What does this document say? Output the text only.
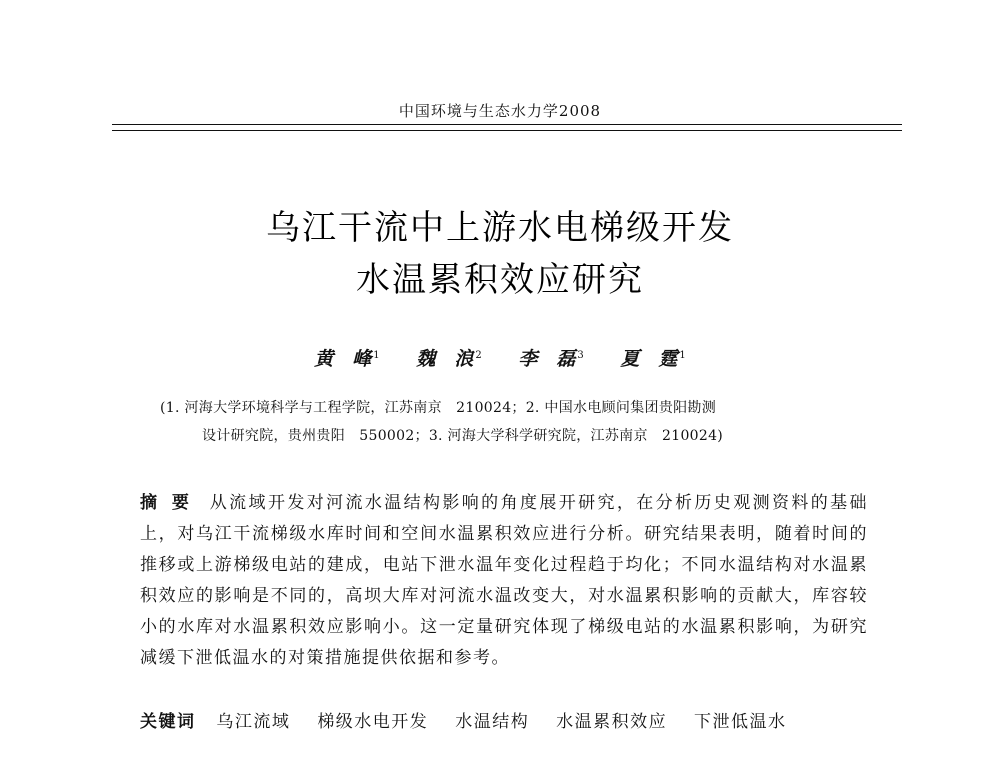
中国环境与生态水力学2008
乌江干流中上游水电梯级开发
水温累积效应研究
黄　峰 $^1$ 魏　浪 $^2$ 李　磊 $^3$ 夏　霆 $^1$
(1. 河海大学环境科学与工程学院，江苏南京　210024；2. 中国水电顾问集团贵阳勘测
设计研究院，贵州贵阳　550002；3. 河海大学科学研究院，江苏南京　210024)
摘要 从流域开发对河流水温结构影响的角度展开研究，在分析历史观测资料的基础上，对乌江干流梯级水库时间和空间水温累积效应进行分析。研究结果表明，随着时间的推移或上游梯级电站的建成，电站下泄水温年变化过程趋于均化；不同水温结构对水温累积效应的影响是不同的，高坝大库对河流水温改变大，对水温累积影响的贡献大，库容较小的水库对水温累积效应影响小。这一定量研究体现了梯级电站的水温累积影响，为研究减缓下泄低温水的对策措施提供依据和参考。
关键词 乌江流域 梯级水电开发 水温结构 水温累积效应 下泄低温水
